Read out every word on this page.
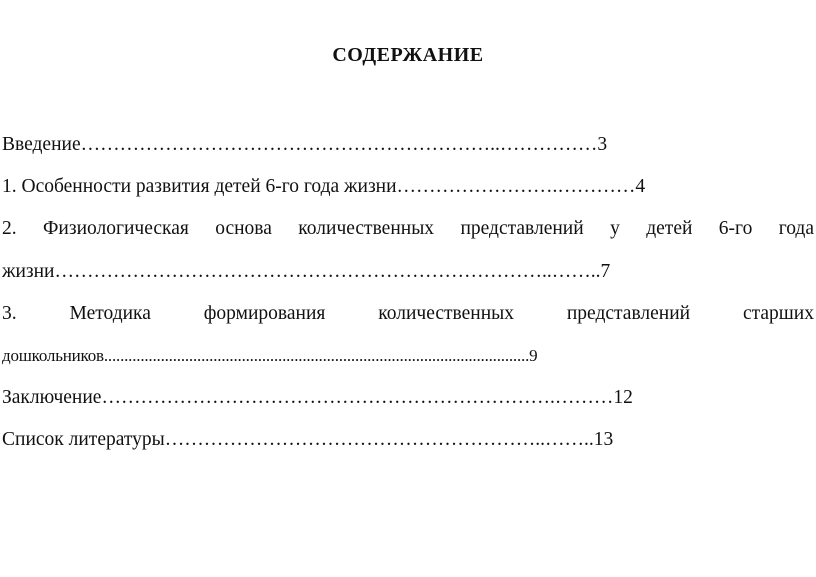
СОДЕРЖАНИЕ
Введение………………………………………………………..……………3
1. Особенности развития детей 6-го года жизни…………………….…………4
2. Физиологическая основа количественных представлений у детей 6-го года
жизни…………………………………………………………………..……..7
3. Методика формирования количественных представлений старших
дошкольников.........................................................................................................9
Заключение…………………………………………………………….………12
Список литературы…………………………………………………..……..13
